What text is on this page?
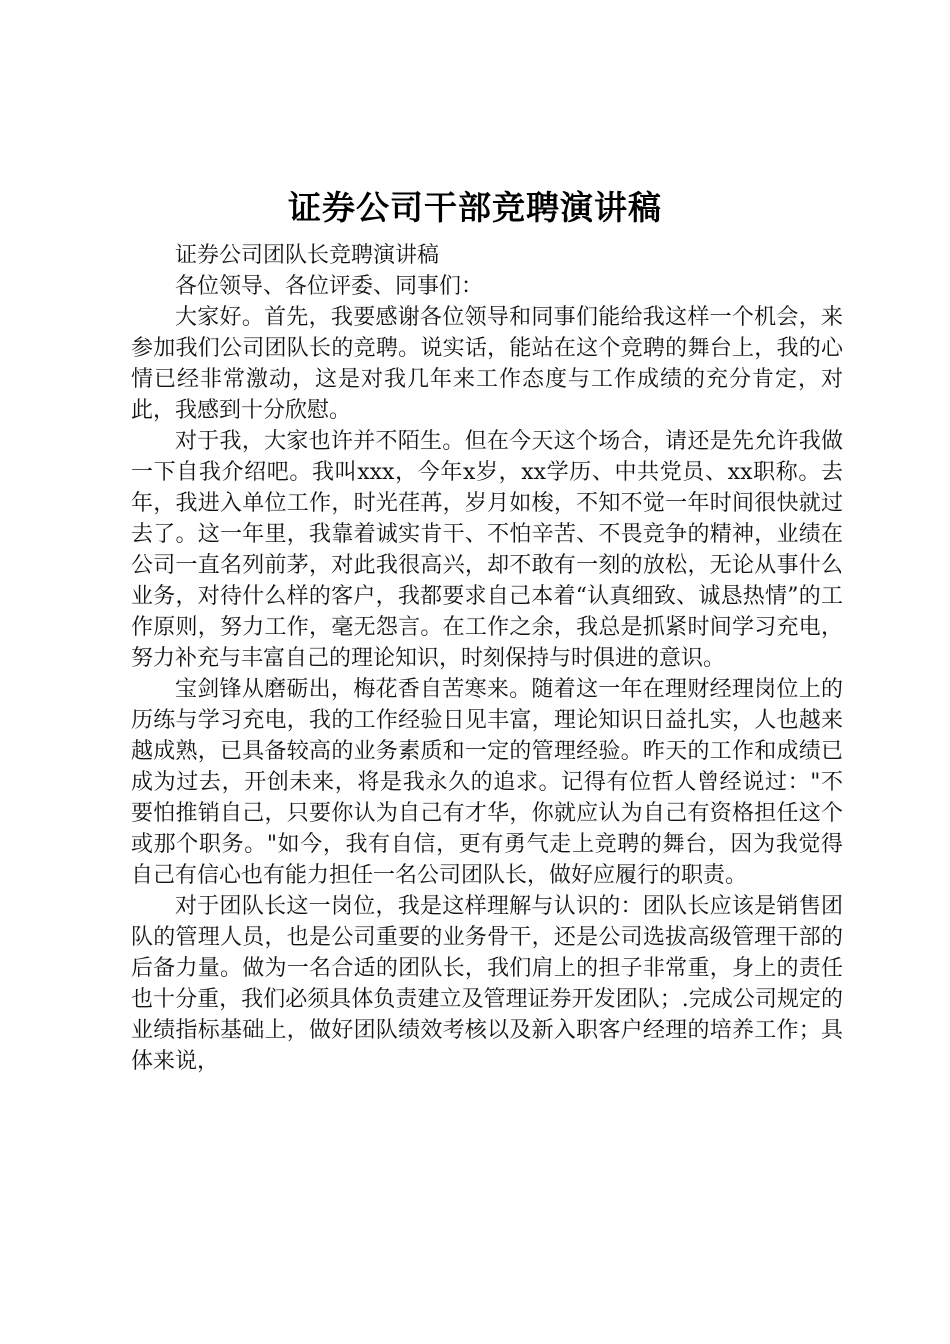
证券公司干部竞聘演讲稿

证券公司团队长竞聘演讲稿

各位领导、各位评委、同事们：

大家好。首先，我要感谢各位领导和同事们能给我这样一个机会，来参加我们公司团队长的竞聘。说实话，能站在这个竞聘的舞台上，我的心情已经非常激动，这是对我几年来工作态度与工作成绩的充分肯定，对此，我感到十分欣慰。

对于我，大家也许并不陌生。但在今天这个场合，请还是先允许我做一下自我介绍吧。我叫xxx，今年x岁，xx学历、中共党员、xx职称。去年，我进入单位工作，时光荏苒，岁月如梭，不知不觉一年时间很快就过去了。这一年里，我靠着诚实肯干、不怕辛苦、不畏竞争的精神，业绩在公司一直名列前茅，对此我很高兴，却不敢有一刻的放松，无论从事什么业务，对待什么样的客户，我都要求自己本着“认真细致、诚恳热情”的工作原则，努力工作，毫无怨言。在工作之余，我总是抓紧时间学习充电，努力补充与丰富自己的理论知识，时刻保持与时俱进的意识。

宝剑锋从磨砺出，梅花香自苦寒来。随着这一年在理财经理岗位上的历练与学习充电，我的工作经验日见丰富，理论知识日益扎实，人也越来越成熟，已具备较高的业务素质和一定的管理经验。昨天的工作和成绩已成为过去，开创未来，将是我永久的追求。记得有位哲人曾经说过："不要怕推销自己，只要你认为自己有才华，你就应认为自己有资格担任这个或那个职务。"如今，我有自信，更有勇气走上竞聘的舞台，因为我觉得自己有信心也有能力担任一名公司团队长，做好应履行的职责。

对于团队长这一岗位，我是这样理解与认识的：团队长应该是销售团队的管理人员，也是公司重要的业务骨干，还是公司选拔高级管理干部的后备力量。做为一名合适的团队长，我们肩上的担子非常重，身上的责任也十分重，我们必须具体负责建立及管理证券开发团队；.完成公司规定的业绩指标基础上，做好团队绩效考核以及新入职客户经理的培养工作；具体来说，
